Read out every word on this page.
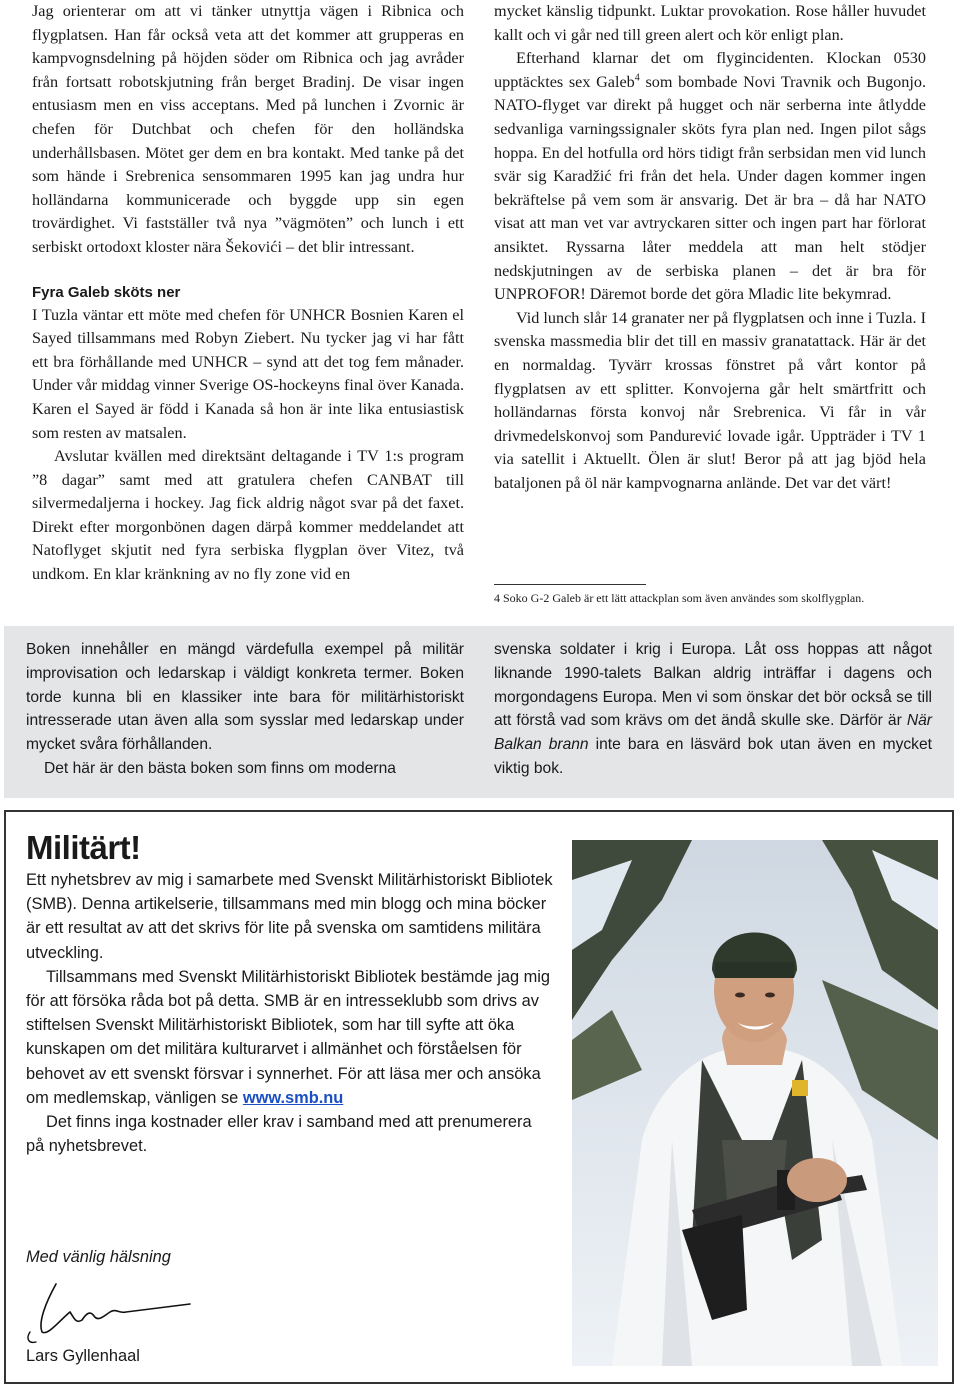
Jag orienterar om att vi tänker utnyttja vägen i Ribnica och flygplatsen. Han får också veta att det kommer att grupperas en kampvognsdelning på höjden söder om Ribnica och jag avråder från fortsatt robotskjutning från berget Bradinj. De visar ingen entusiasm men en viss acceptans. Med på lunchen i Zvornic är chefen för Dutchbat och chefen för den holländska underhållsbasen. Mötet ger dem en bra kontakt. Med tanke på det som hände i Srebrenica sensommaren 1995 kan jag undra hur holländarna kommunicerade och byggde upp sin egen trovärdighet. Vi fastställer två nya ”vägmöten” och lunch i ett serbiskt ortodoxt kloster nära Šekovići – det blir intressant.

Fyra Galeb sköts ner

I Tuzla väntar ett möte med chefen för UNHCR Bosnien Karen el Sayed tillsammans med Robyn Ziebert. Nu tycker jag vi har fått ett bra förhållande med UNHCR – synd att det tog fem månader. Under vår middag vinner Sverige OS-hockeyns final över Kanada. Karen el Sayed är född i Kanada så hon är inte lika entusiastisk som resten av matsalen.

Avslutar kvällen med direktsänt deltagande i TV 1:s program ”8 dagar” samt med att gratulera chefen CANBAT till silvermedaljerna i hockey. Jag fick aldrig något svar på det faxet. Direkt efter morgonbönen dagen därpå kommer meddelandet att Natoflyget skjutit ned fyra serbiska flygplan över Vitez, två undkom. En klar kränkning av no fly zone vid en

mycket känslig tidpunkt. Luktar provokation. Rose håller huvudet kallt och vi går ned till green alert och kör enligt plan.

Efterhand klarnar det om flygincidenten. Klockan 0530 upptäcktes sex Galeb$^4$ som bombade Novi Travnik och Bugonjo. NATO-flyget var direkt på hugget och när serberna inte åtlydde sedvanliga varningssignaler sköts fyra plan ned. Ingen pilot sågs hoppa. En del hotfulla ord hörs tidigt från serbsidan men vid lunch svär sig Karadžić fri från det hela. Under dagen kommer ingen bekräftelse på vem som är ansvarig. Det är bra – då har NATO visat att man vet var avtryckaren sitter och ingen part har förlorat ansiktet. Ryssarna låter meddela att man helt stödjer nedskjutningen av de serbiska planen – det är bra för UNPROFOR! Däremot borde det göra Mladic lite bekymrad.

Vid lunch slår 14 granater ner på flygplatsen och inne i Tuzla. I svenska massmedia blir det till en massiv granatattack. Här är det en normaldag. Tyvärr krossas fönstret på vårt kontor på flygplatsen av ett splitter. Konvojerna går helt smärtfritt och holländarnas första konvoj når Srebrenica. Vi får in vår drivmedelskonvoj som Pandurević lovade igår. Uppträder i TV 1 via satellit i Aktuellt. Ölen är slut! Beror på att jag bjöd hela bataljonen på öl när kampvognarna anlände. Det var det värt!

4 Soko G-2 Galeb är ett lätt attackplan som även användes som skolflygplan.

Boken innehåller en mängd värdefulla exempel på militär improvisation och ledarskap i väldigt konkreta termer. Boken torde kunna bli en klassiker inte bara för militärhistoriskt intresserade utan även alla som sysslar med ledarskap under mycket svåra förhållanden.

Det här är den bästa boken som finns om moderna

svenska soldater i krig i Europa. Låt oss hoppas att något liknande 1990-talets Balkan aldrig inträffar i dagens och morgondagens Europa. Men vi som önskar det bör också se till att förstå vad som krävs om det ändå skulle ske. Därför är När Balkan brann inte bara en läsvärd bok utan även en mycket viktig bok.

Militärt!

Ett nyhetsbrev av mig i samarbete med Svenskt Militärhistoriskt Bibliotek (SMB). Denna artikelserie, tillsammans med min blogg och mina böcker är ett resultat av att det skrivs för lite på svenska om samtidens militära utveckling.

Tillsammans med Svenskt Militärhistoriskt Bibliotek bestämde jag mig för att försöka råda bot på detta. SMB är en intresseklubb som drivs av stiftelsen Svenskt Militärhistoriskt Bibliotek, som har till syfte att öka kunskapen om det militära kulturarvet i allmänhet och förståelsen för behovet av ett svenskt försvar i synnerhet. För att läsa mer och ansöka om medlemskap, vänligen se www.smb.nu

Det finns inga kostnader eller krav i samband med att prenumerera på nyhetsbrevet.

Med vänlig hälsning

Lars Gyllenhaal
